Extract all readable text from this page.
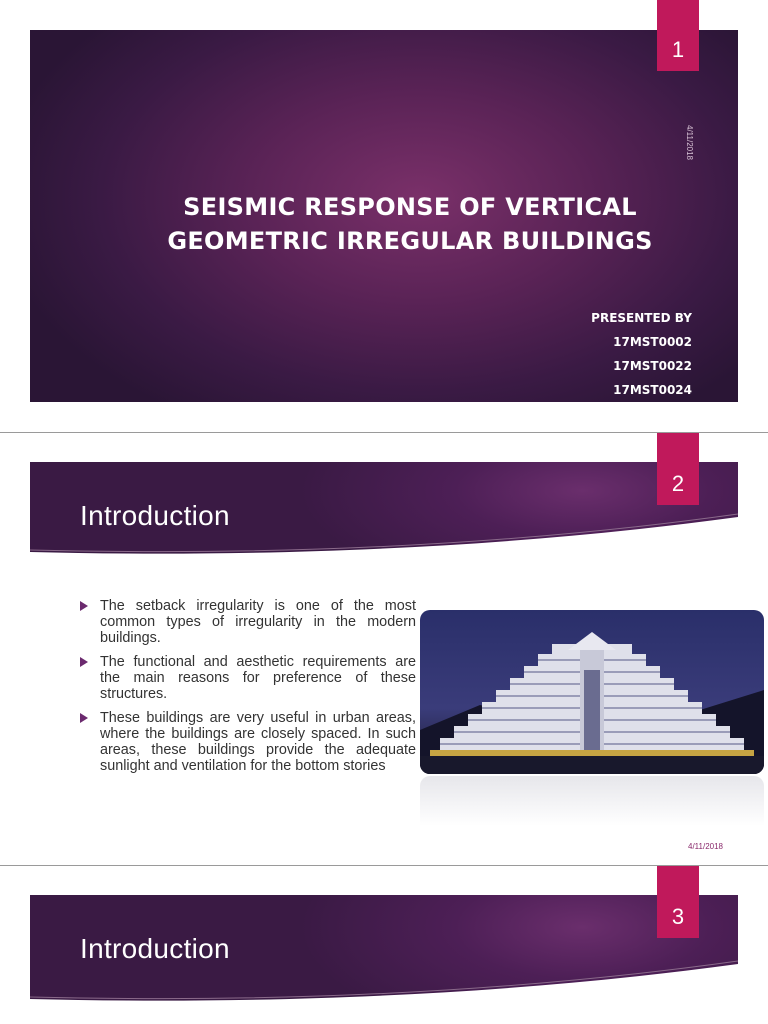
SEISMIC RESPONSE OF VERTICAL
GEOMETRIC IRREGULAR BUILDINGS
4/11/2018
PRESENTED BY
17MST0002
17MST0022
17MST0024
17MST0050
1
Introduction
2
The setback irregularity is one of the most common types of irregularity in the modern buildings.
The functional and aesthetic requirements are the main reasons for preference of these structures.
These buildings are very useful in urban areas, where the buildings are closely spaced. In such areas, these buildings provide the adequate sunlight and ventilation for the bottom stories
4/11/2018
Introduction
3
